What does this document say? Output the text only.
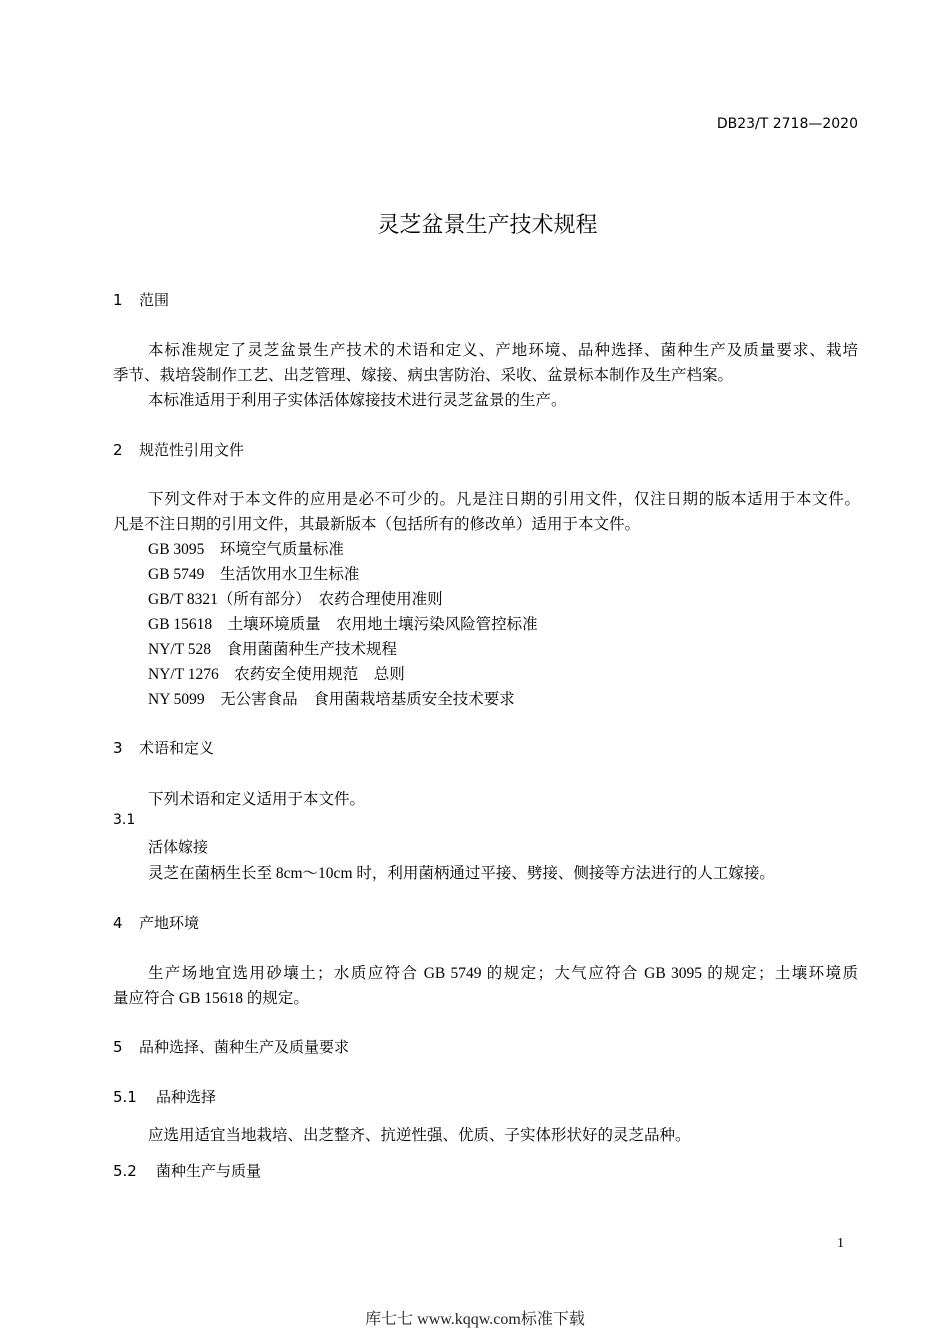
DB23/T 2718—2020
灵芝盆景生产技术规程
1 范围
本标准规定了灵芝盆景生产技术的术语和定义、产地环境、品种选择、菌种生产及质量要求、栽培
季节、栽培袋制作工艺、出芝管理、嫁接、病虫害防治、采收、盆景标本制作及生产档案。
本标准适用于利用子实体活体嫁接技术进行灵芝盆景的生产。
2 规范性引用文件
下列文件对于本文件的应用是必不可少的。凡是注日期的引用文件，仅注日期的版本适用于本文件。
凡是不注日期的引用文件，其最新版本（包括所有的修改单）适用于本文件。
GB 3095　环境空气质量标准
GB 5749　生活饮用水卫生标准
GB/T 8321（所有部分）　农药合理使用准则
GB 15618　土壤环境质量　农用地土壤污染风险管控标准
NY/T 528　食用菌菌种生产技术规程
NY/T 1276　农药安全使用规范　总则
NY 5099　无公害食品　食用菌栽培基质安全技术要求
3 术语和定义
下列术语和定义适用于本文件。
3.1
活体嫁接
灵芝在菌柄生长至 8cm～10cm 时，利用菌柄通过平接、劈接、侧接等方法进行的人工嫁接。
4 产地环境
生产场地宜选用砂壤土；水质应符合 GB 5749 的规定；大气应符合 GB 3095 的规定；土壤环境质
量应符合 GB 15618 的规定。
5 品种选择、菌种生产及质量要求
5.1 品种选择
应选用适宜当地栽培、出芝整齐、抗逆性强、优质、子实体形状好的灵芝品种。
5.2 菌种生产与质量
1
库七七 www.kqqw.com标准下载
